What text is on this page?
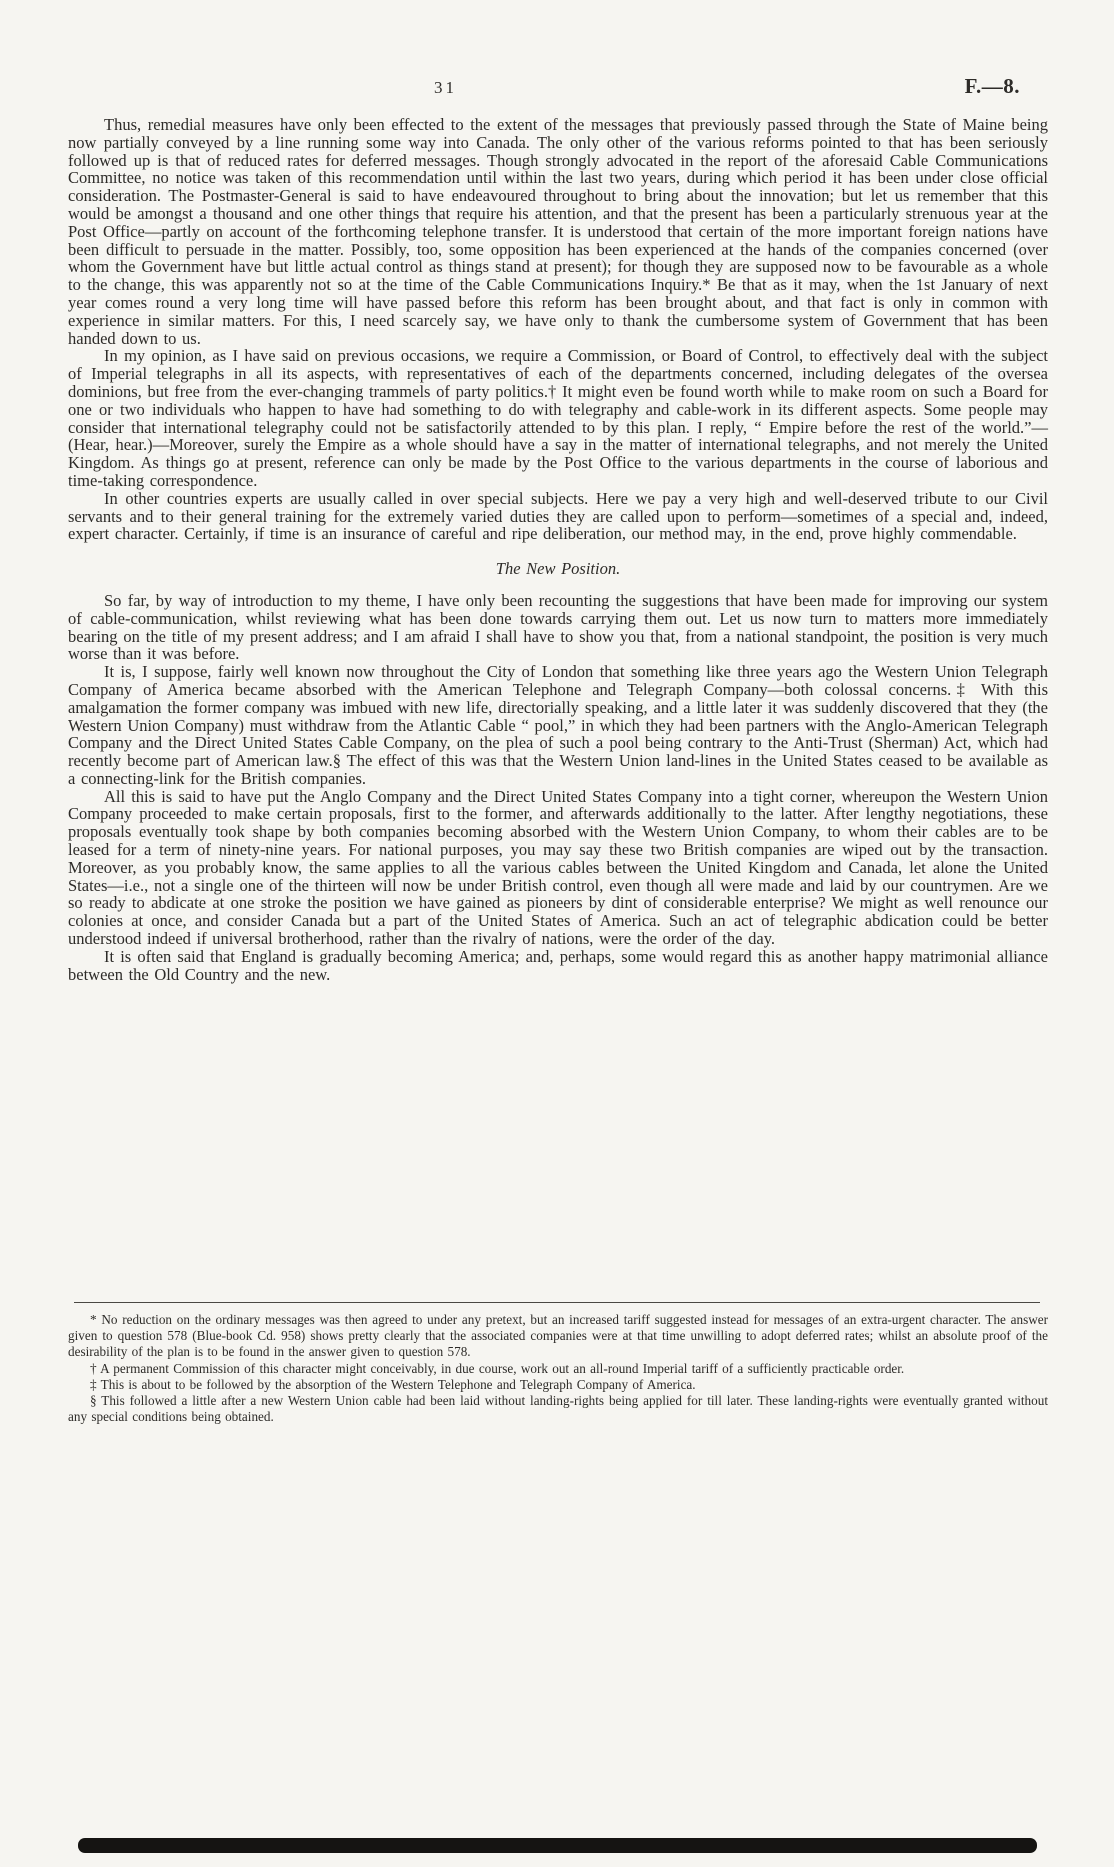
31	F.—8.

Thus, remedial measures have only been effected to the extent of the messages that previously passed through the State of Maine being now partially conveyed by a line running some way into Canada. The only other of the various reforms pointed to that has been seriously followed up is that of reduced rates for deferred messages. Though strongly advocated in the report of the aforesaid Cable Communications Committee, no notice was taken of this recommendation until within the last two years, during which period it has been under close official consideration. The Postmaster-General is said to have endeavoured throughout to bring about the innovation; but let us remember that this would be amongst a thousand and one other things that require his attention, and that the present has been a particularly strenuous year at the Post Office—partly on account of the forthcoming telephone transfer. It is understood that certain of the more important foreign nations have been difficult to persuade in the matter. Possibly, too, some opposition has been experienced at the hands of the companies concerned (over whom the Government have but little actual control as things stand at present); for though they are supposed now to be favourable as a whole to the change, this was apparently not so at the time of the Cable Communications Inquiry.* Be that as it may, when the 1st January of next year comes round a very long time will have passed before this reform has been brought about, and that fact is only in common with experience in similar matters. For this, I need scarcely say, we have only to thank the cumbersome system of Government that has been handed down to us.

In my opinion, as I have said on previous occasions, we require a Commission, or Board of Control, to effectively deal with the subject of Imperial telegraphs in all its aspects, with representatives of each of the departments concerned, including delegates of the oversea dominions, but free from the ever-changing trammels of party politics.† It might even be found worth while to make room on such a Board for one or two individuals who happen to have had something to do with telegraphy and cable-work in its different aspects. Some people may consider that international telegraphy could not be satisfactorily attended to by this plan. I reply, “ Empire before the rest of the world.”—(Hear, hear.)—Moreover, surely the Empire as a whole should have a say in the matter of international telegraphs, and not merely the United Kingdom. As things go at present, reference can only be made by the Post Office to the various departments in the course of laborious and time-taking correspondence.

In other countries experts are usually called in over special subjects. Here we pay a very high and well-deserved tribute to our Civil servants and to their general training for the extremely varied duties they are called upon to perform—sometimes of a special and, indeed, expert character. Certainly, if time is an insurance of careful and ripe deliberation, our method may, in the end, prove highly commendable.

The New Position.

So far, by way of introduction to my theme, I have only been recounting the suggestions that have been made for improving our system of cable-communication, whilst reviewing what has been done towards carrying them out. Let us now turn to matters more immediately bearing on the title of my present address; and I am afraid I shall have to show you that, from a national standpoint, the position is very much worse than it was before.

It is, I suppose, fairly well known now throughout the City of London that something like three years ago the Western Union Telegraph Company of America became absorbed with the American Telephone and Telegraph Company—both colossal concerns.‡ With this amalgamation the former company was imbued with new life, directorially speaking, and a little later it was suddenly discovered that they (the Western Union Company) must withdraw from the Atlantic Cable “ pool,” in which they had been partners with the Anglo-American Telegraph Company and the Direct United States Cable Company, on the plea of such a pool being contrary to the Anti-Trust (Sherman) Act, which had recently become part of American law.§ The effect of this was that the Western Union land-lines in the United States ceased to be available as a connecting-link for the British companies.

All this is said to have put the Anglo Company and the Direct United States Company into a tight corner, whereupon the Western Union Company proceeded to make certain proposals, first to the former, and afterwards additionally to the latter. After lengthy negotiations, these proposals eventually took shape by both companies becoming absorbed with the Western Union Company, to whom their cables are to be leased for a term of ninety-nine years. For national purposes, you may say these two British companies are wiped out by the transaction. Moreover, as you probably know, the same applies to all the various cables between the United Kingdom and Canada, let alone the United States—i.e., not a single one of the thirteen will now be under British control, even though all were made and laid by our countrymen. Are we so ready to abdicate at one stroke the position we have gained as pioneers by dint of considerable enterprise? We might as well renounce our colonies at once, and consider Canada but a part of the United States of America. Such an act of telegraphic abdication could be better understood indeed if universal brotherhood, rather than the rivalry of nations, were the order of the day.

It is often said that England is gradually becoming America; and, perhaps, some would regard this as another happy matrimonial alliance between the Old Country and the new.

* No reduction on the ordinary messages was then agreed to under any pretext, but an increased tariff suggested instead for messages of an extra-urgent character. The answer given to question 578 (Blue-book Cd. 958) shows pretty clearly that the associated companies were at that time unwilling to adopt deferred rates; whilst an absolute proof of the desirability of the plan is to be found in the answer given to question 578.

† A permanent Commission of this character might conceivably, in due course, work out an all-round Imperial tariff of a sufficiently practicable order.

‡ This is about to be followed by the absorption of the Western Telephone and Telegraph Company of America.

§ This followed a little after a new Western Union cable had been laid without landing-rights being applied for till later. These landing-rights were eventually granted without any special conditions being obtained.
